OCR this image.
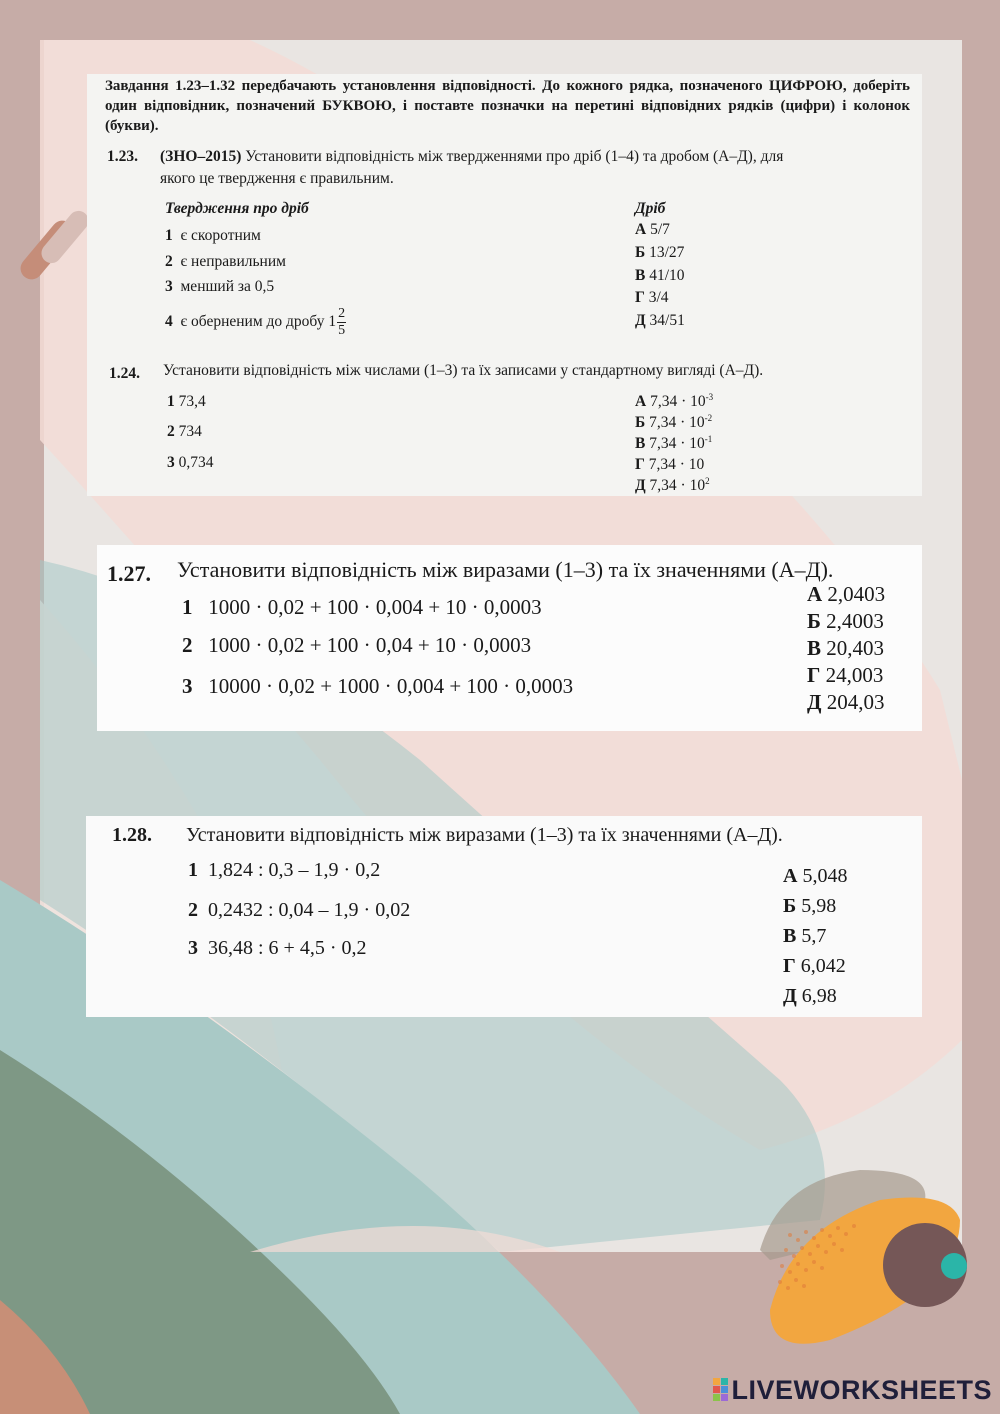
Завдання 1.23–1.32 передбачають установлення відповідності. До кожного рядка, позначеного ЦИФРОЮ, доберіть один відповідник, позначений БУКВОЮ, і поставте позначки на перетині відповідних рядків (цифри) і колонок (букви).
1.23. (ЗНО–2015) Установити відповідність між твердженнями про дріб (1–4) та дробом (А–Д), для
якого це твердження є правильним.
Твердження про дріб	Дріб
1 є скоротним
2 є неправильним
3 менший за 0,5
4 є оберненим до дробу $1 \frac{2}{5}$
А 5/7
Б 13/27
В 41/10
Г 3/4
Д 34/51
1.24. Установити відповідність між числами (1–3) та їх записами у стандартному вигляді (А–Д).
1 73,4
2 734
3 0,734
А $7,34 \cdot 10^{-3}$
Б $7,34 \cdot 10^{-2}$
В $7,34 \cdot 10^{-1}$
Г 7,34 · 10
Д $7,34 \cdot 10^2$
1.27. Установити відповідність між виразами (1–3) та їх значеннями (А–Д).
1 1000 · 0,02 + 100 · 0,004 + 10 · 0,0003
2 1000 · 0,02 + 100 · 0,04 + 10 · 0,0003
3 10000 · 0,02 + 1000 · 0,004 + 100 · 0,0003
А 2,0403
Б 2,4003
В 20,403
Г 24,003
Д 204,03
1.28. Установити відповідність між виразами (1–3) та їх значеннями (А–Д).
1 1,824 : 0,3 – 1,9 · 0,2
2 0,2432 : 0,04 – 1,9 · 0,02
3 36,48 : 6 + 4,5 · 0,2
А 5,048
Б 5,98
В 5,7
Г 6,042
Д 6,98
LIVEWORKSHEETS
